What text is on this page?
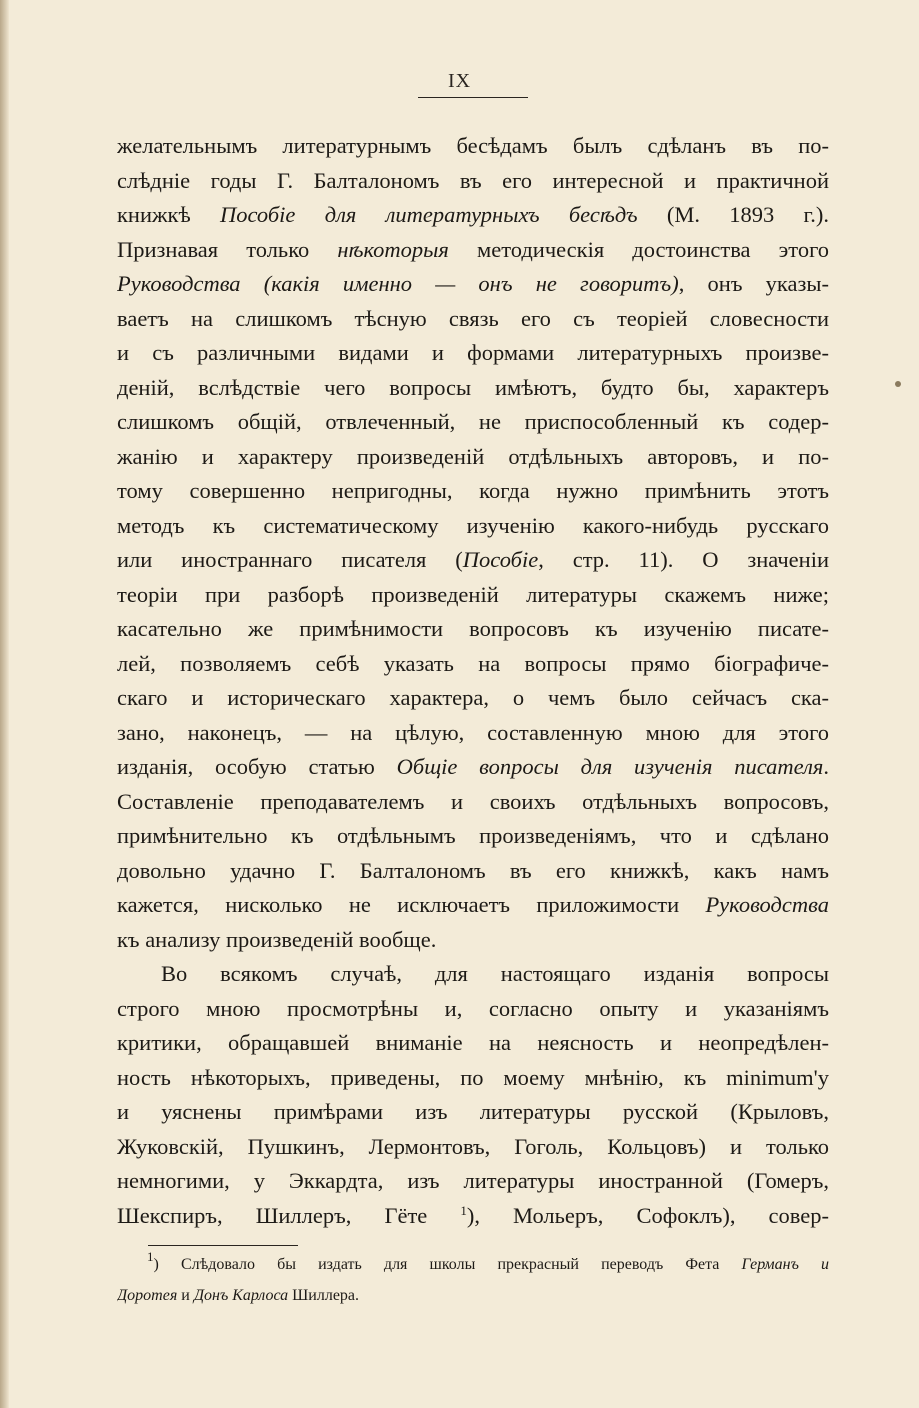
IX
желательнымъ литературнымъ бесѣдамъ былъ сдѣланъ въ по-
слѣдніе годы Г. Балталономъ въ его интересной и практичной
книжкѣ Пособіе для литературныхъ бесѣдъ (М. 1893 г.).
Признавая только нѣкоторыя методическія достоинства этого
Руководства (какія именно — онъ не говоритъ), онъ указы-
ваетъ на слишкомъ тѣсную связь его съ теоріей словесности
и съ различными видами и формами литературныхъ произве-
деній, вслѣдствіе чего вопросы имѣютъ, будто бы, характеръ
слишкомъ общій, отвлеченный, не приспособленный къ содер-
жанію и характеру произведеній отдѣльныхъ авторовъ, и по-
тому совершенно непригодны, когда нужно примѣнить этотъ
методъ къ систематическому изученію какого-нибудь русскаго
или иностраннаго писателя (Пособіе, стр. 11). О значеніи
теоріи при разборѣ произведеній литературы скажемъ ниже;
касательно же примѣнимости вопросовъ къ изученію писате-
лей, позволяемъ себѣ указать на вопросы прямо біографиче-
скаго и историческаго характера, о чемъ было сейчасъ ска-
зано, наконецъ, — на цѣлую, составленную мною для этого
изданія, особую статью Общіе вопросы для изученія писателя.
Составленіе преподавателемъ и своихъ отдѣльныхъ вопросовъ,
примѣнительно къ отдѣльнымъ произведеніямъ, что и сдѣлано
довольно удачно Г. Балталономъ въ его книжкѣ, какъ намъ
кажется, нисколько не исключаетъ приложимости Руководства
къ анализу произведеній вообще.
Во всякомъ случаѣ, для настоящаго изданія вопросы
строго мною просмотрѣны и, согласно опыту и указаніямъ
критики, обращавшей вниманіе на неясность и неопредѣлен-
ность нѣкоторыхъ, приведены, по моему мнѣнію, къ minimum'у
и уяснены примѣрами изъ литературы русской (Крыловъ,
Жуковскій, Пушкинъ, Лермонтовъ, Гоголь, Кольцовъ) и только
немногими, у Эккардта, изъ литературы иностранной (Гомеръ,
Шекспиръ, Шиллеръ, Гёте $^1$), Мольеръ, Софоклъ), совер-
$^1$) Слѣдовало бы издать для школы прекрасный переводъ Фета Германъ и
Доротея и Донъ Карлоса Шиллера.
